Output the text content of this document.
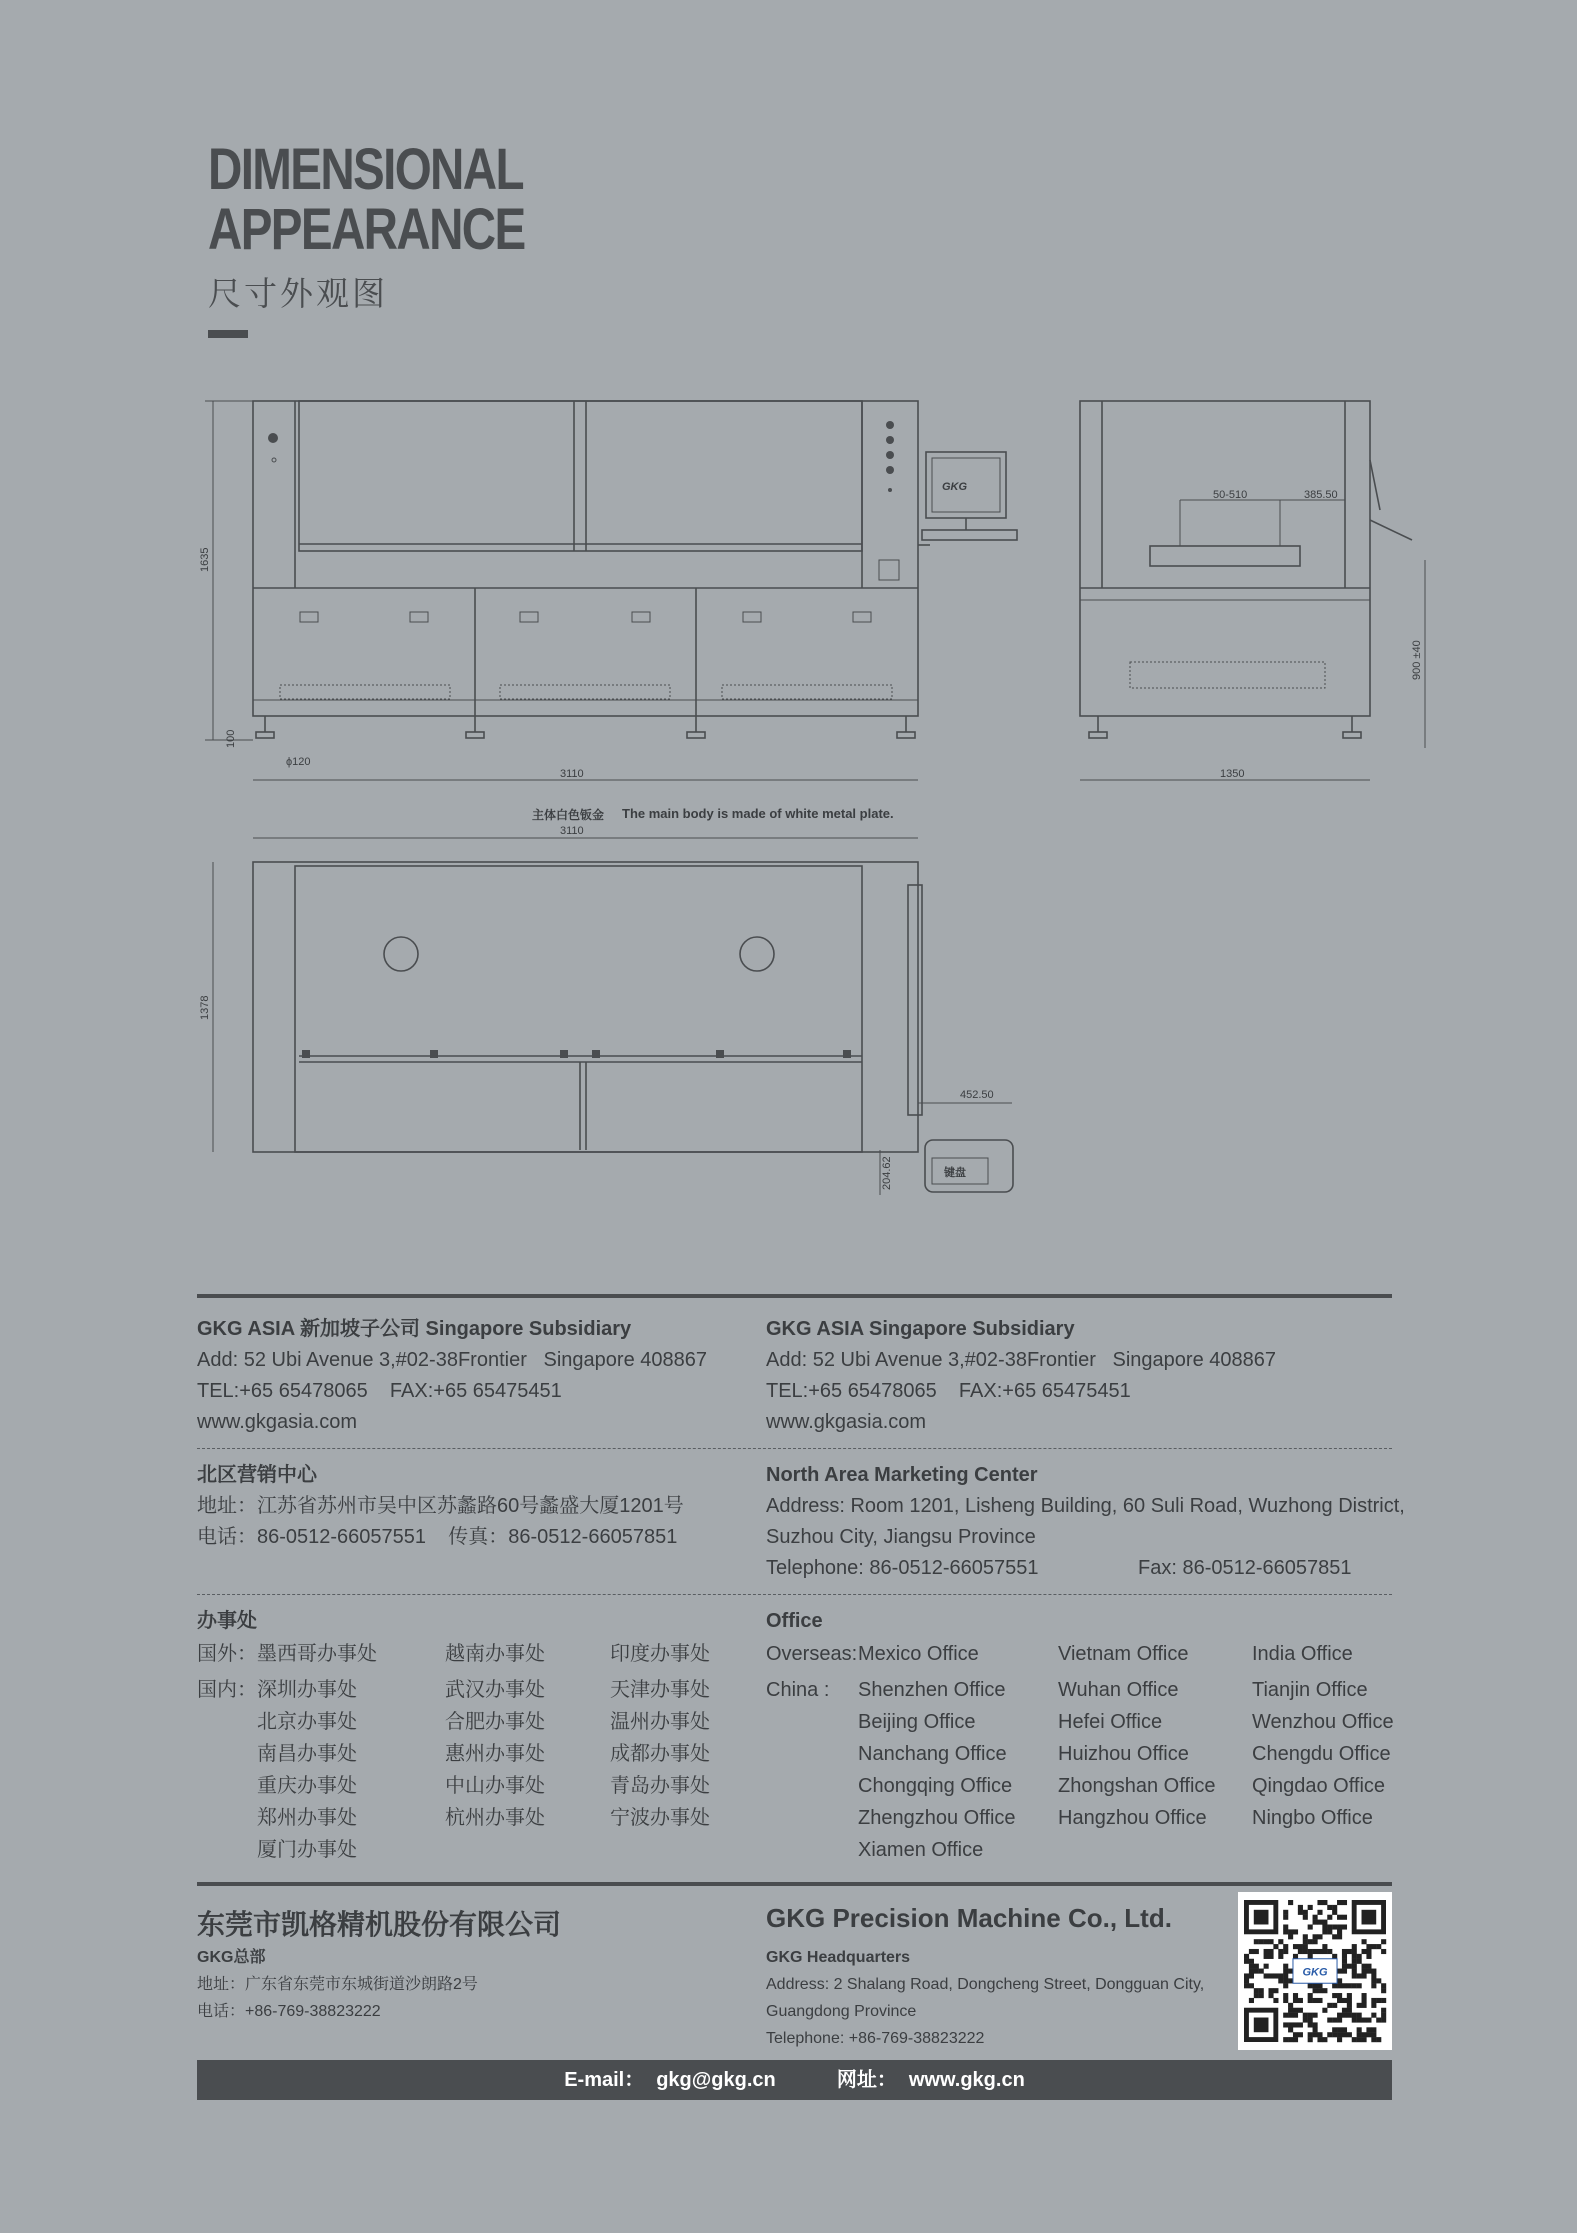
DIMENSIONAL
APPEARANCE
尺寸外观图
GKG
1635
100
ϕ120
3110
50-510	385.50
900 ±40
1350
3110
1378
452.50
键盘
204.62
主体白色钣金 The main body is made of white metal plate.
GKG ASIA 新加坡子公司 Singapore Subsidiary
Add: 52 Ubi Avenue 3,#02-38Frontier   Singapore 408867
TEL:+65 65478065    FAX:+65 65475451
www.gkgasia.com
GKG ASIA Singapore Subsidiary
Add: 52 Ubi Avenue 3,#02-38Frontier   Singapore 408867
TEL:+65 65478065    FAX:+65 65475451
www.gkgasia.com
北区营销中心
地址：江苏省苏州市吴中区苏蠡路60号蠡盛大厦1201号
电话：86-0512-66057551    传真：86-0512-66057851
North Area Marketing Center
Address: Room 1201, Lisheng Building, 60 Suli Road, Wuzhong District,
Suzhou City, Jiangsu Province
Telephone: 86-0512-66057551	Fax: 86-0512-66057851
办事处
国外： 墨西哥办事处	越南办事处	印度办事处
国内： 深圳办事处	武汉办事处	天津办事处
北京办事处	合肥办事处	温州办事处
南昌办事处	惠州办事处	成都办事处
重庆办事处	中山办事处	青岛办事处
郑州办事处	杭州办事处	宁波办事处
厦门办事处
Office
Overseas: Mexico Office	Vietnam Office	India Office
China : Shenzhen Office	Wuhan Office	Tianjin Office
Beijing Office	Hefei Office	Wenzhou Office
Nanchang Office	Huizhou Office	Chengdu Office
Chongqing Office Zhongshan Office Qingdao Office
Zhengzhou Office Hangzhou Office Ningbo Office
Xiamen Office
东莞市凯格精机股份有限公司
GKG总部
地址：广东省东莞市东城街道沙朗路2号
电话：+86-769-38823222
GKG Precision Machine Co., Ltd.
GKG Headquarters
Address: 2 Shalang Road, Dongcheng Street, Dongguan City,
Guangdong Province
Telephone: +86-769-38823222
GKG
E-mail： gkg@gkg.cn	网址： www.gkg.cn
